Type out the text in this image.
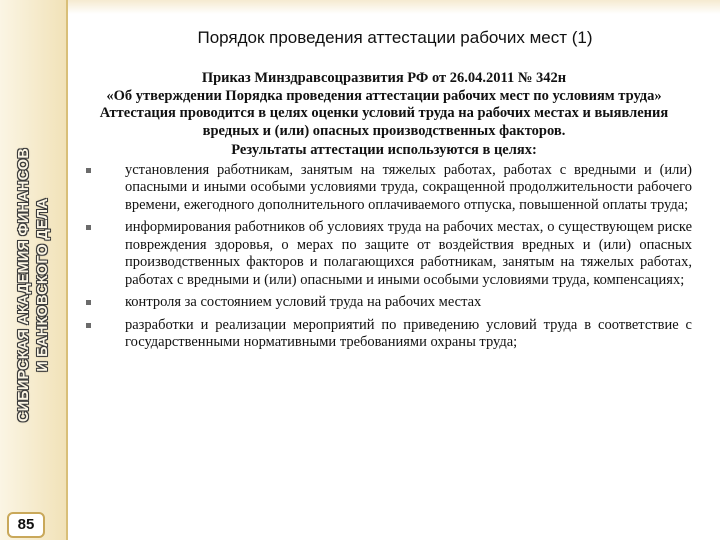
СИБИРСКАЯ АКАДЕМИЯ ФИНАНСОВ И БАНКОВСКОГО ДЕЛА
85
Порядок проведения аттестации рабочих мест (1)

Приказ Минздравсоцразвития РФ от 26.04.2011 № 342н

«Об утверждении Порядка проведения аттестации рабочих мест по условиям труда»

Аттестация проводится в целях оценки условий труда на рабочих местах и выявления вредных и (или) опасных производственных факторов.

Результаты аттестации используются в целях:

установления работникам, занятым на тяжелых работах, работах с вредными и (или) опасными и иными особыми условиями труда, сокращенной продолжительности рабочего времени, ежегодного дополнительного оплачиваемого отпуска, повышенной оплаты труда;
информирования работников об условиях труда на рабочих местах, о существующем риске повреждения здоровья, о мерах по защите от воздействия вредных и (или) опасных производственных факторов и полагающихся работникам, занятым на тяжелых работах, работах с вредными и (или) опасными и иными особыми условиями труда, компенсациях;
контроля за состоянием условий труда на рабочих местах
разработки и реализации мероприятий по приведению условий труда в соответствие с государственными нормативными требованиями охраны труда;
